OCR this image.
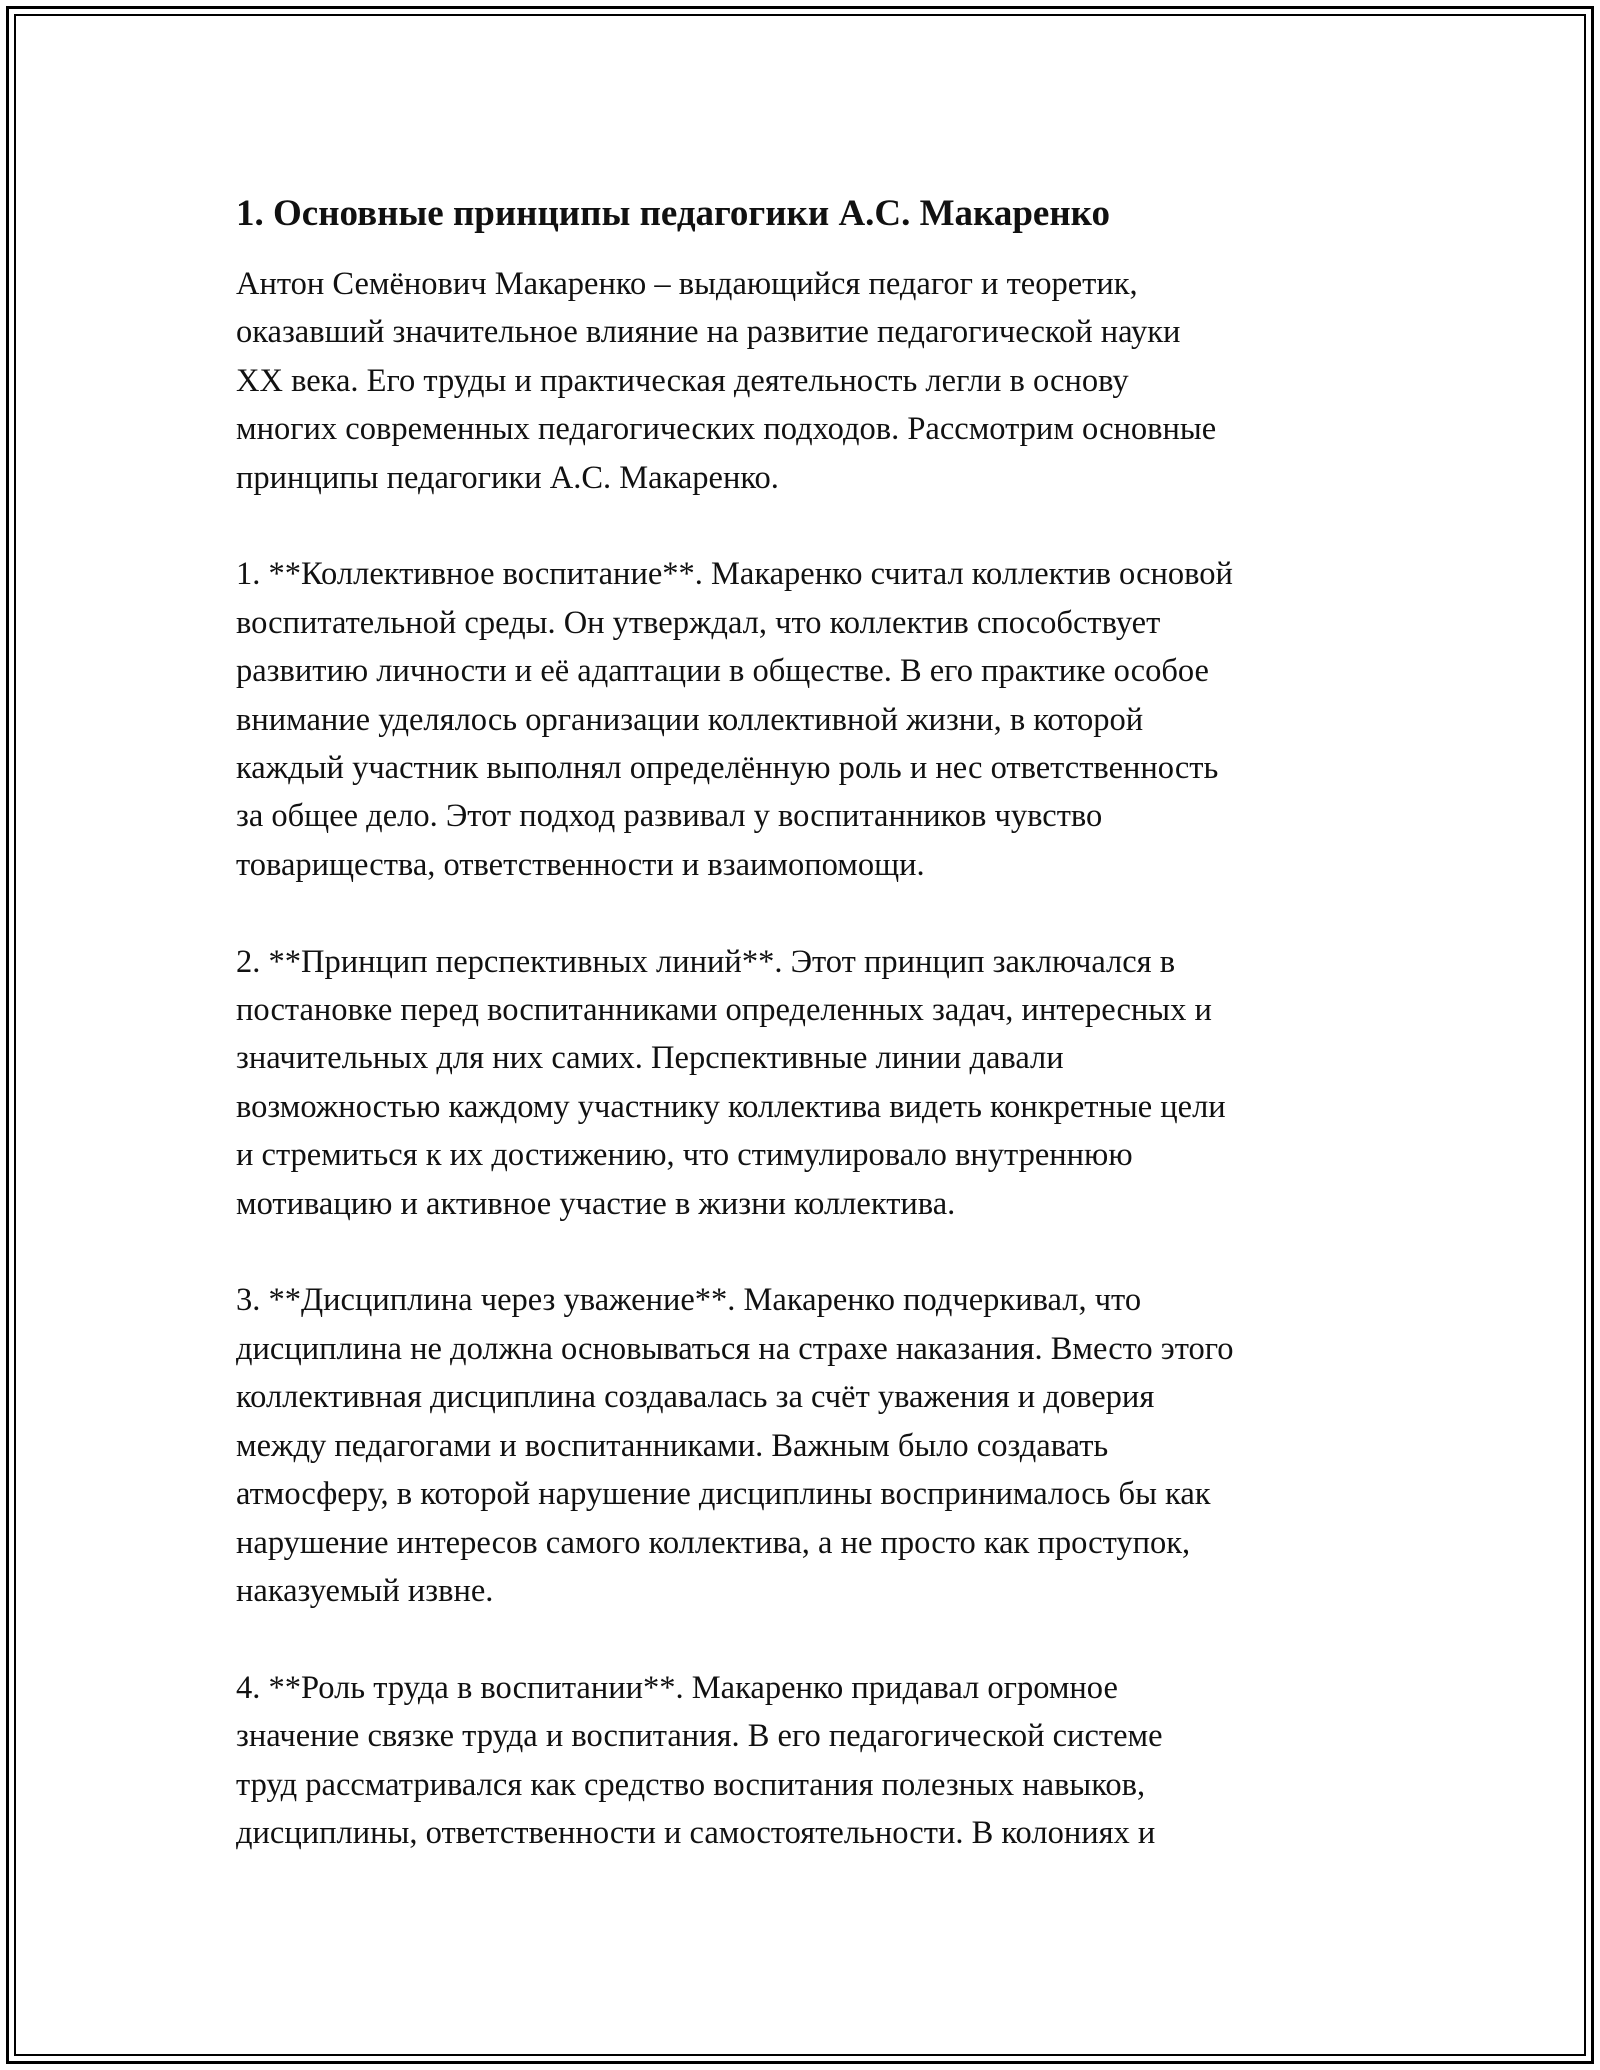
1. Основные принципы педагогики А.С. Макаренко

Антон Семёнович Макаренко – выдающийся педагог и теоретик,
оказавший значительное влияние на развитие педагогической науки
XX века. Его труды и практическая деятельность легли в основу
многих современных педагогических подходов. Рассмотрим основные
принципы педагогики А.С. Макаренко.

1. **Коллективное воспитание**. Макаренко считал коллектив основой
воспитательной среды. Он утверждал, что коллектив способствует
развитию личности и её адаптации в обществе. В его практике особое
внимание уделялось организации коллективной жизни, в которой
каждый участник выполнял определённую роль и нес ответственность
за общее дело. Этот подход развивал у воспитанников чувство
товарищества, ответственности и взаимопомощи.

2. **Принцип перспективных линий**. Этот принцип заключался в
постановке перед воспитанниками определенных задач, интересных и
значительных для них самих. Перспективные линии давали
возможностью каждому участнику коллектива видеть конкретные цели
и стремиться к их достижению, что стимулировало внутреннюю
мотивацию и активное участие в жизни коллектива.

3. **Дисциплина через уважение**. Макаренко подчеркивал, что
дисциплина не должна основываться на страхе наказания. Вместо этого
коллективная дисциплина создавалась за счёт уважения и доверия
между педагогами и воспитанниками. Важным было создавать
атмосферу, в которой нарушение дисциплины воспринималось бы как
нарушение интересов самого коллектива, а не просто как проступок,
наказуемый извне.

4. **Роль труда в воспитании**. Макаренко придавал огромное
значение связке труда и воспитания. В его педагогической системе
труд рассматривался как средство воспитания полезных навыков,
дисциплины, ответственности и самостоятельности. В колониях и
